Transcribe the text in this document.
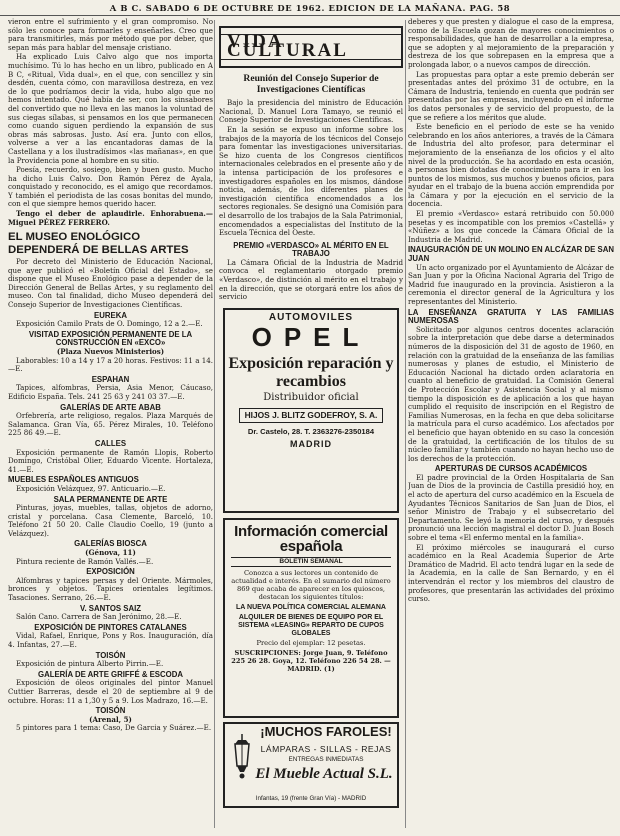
A B C. SABADO 6 DE OCTUBRE DE 1962. EDICION DE LA MAÑANA. PAG. 58

vieron entre el sufrimiento y el gran compromiso. No sólo les conoce para formarles y enseñarles. Creo que para transmitirles, más por método que por deber, que sepan más para hablar del mensaje cristiano.

Ha explicado Luis Calvo algo que nos importa muchísimo. Tú lo has hecho en un libro, publicado en A B C, «Ritual, Vida dual», en el que, con sencillez y sin desdén, cuenta cómo, con maravillosa destreza, en vez de lo que podríamos decir la vida, hubo algo que no hemos intentado. Qué había de ser, con los sinsabores del convertido que no lleva en las manos la voluntad de sus ciegas sílabas, si pensamos en los que permanecen como cuando siguen perdiendo la expansión de sus obras más sabrosas. Justo. Así era. Junto con ellos, volverse a ver a las encantadoras damas de la Castellana y a los ilustradísimos «las mañanas», en que la Providencia pone al hombre en su sitio.

Poesía, recuerdo, sosiego, bien y buen gusto. Mucho ha dicho Luis Calvo. Don Ramón Pérez de Ayala, conquistado y reconocido, es el amigo que recordamos. Y también el periodista de las cosas bonitas del mundo, con el que siempre hemos querido hacer.

Tengo el deber de aplaudirle. Enhorabuena.—Miguel PÉREZ FERRERO.

EL MUSEO ENOLÓGICO DEPENDERÁ DE BELLAS ARTES

Por decreto del Ministerio de Educación Nacional, que ayer publicó el «Boletín Oficial del Estado», se dispone que el Museo Enológico pase a depender de la Dirección General de Bellas Artes, y su reglamento del museo. Con tal finalidad, dicho Museo dependerá del Consejo Superior de Investigaciones Científicas.

EUREKA

Exposición Camilo Prats de O. Domingo, 12 a 2.—E.

VISITAD EXPOSICIÓN PERMANENTE DE LA CONSTRUCCIÓN EN «EXCO»
(Plaza Nuevos Ministerios)

Laborables: 10 a 14 y 17 a 20 horas. Festivos: 11 a 14.—E.

ESPAHAN

Tapices, alfombras, Persia, Asia Menor, Cáucaso, Edificio España. Tels. 241 25 63 y 241 03 37.—E.

GALERÍAS DE ARTE ABAB

Orfebrería, arte religioso, regalos. Plaza Marqués de Salamanca. Gran Vía, 65. Pérez Mirales, 10. Teléfono 225 86 49.—E.

CALLES

Exposición permanente de Ramón Llopis, Roberto Domingo, Cristóbal Olier, Eduardo Vicente. Hortaleza, 41.—E.

MUEBLES ESPAÑOLES ANTIGUOS

Exposición Velázquez, 97. Anticuario.—E.

SALA PERMANENTE DE ARTE

Pinturas, joyas, muebles, tallas, objetos de adorno, cristal y porcelana. Casa Clemente, Barceló, 10. Teléfono 21 50 20. Calle Claudio Coello, 19 (junto a Velázquez).

GALERÍAS BIOSCA
(Génova, 11)

Pintura reciente de Ramón Vallés.—E.

EXPOSICIÓN

Alfombras y tapices persas y del Oriente. Mármoles, bronces y objetos. Tapices orientales legítimos. Tasaciones. Serrano, 26.—E.

V. SANTOS SAIZ

Salón Cano. Carrera de San Jerónimo, 28.—E.

EXPOSICIÓN DE PINTORES CATALANES

Vidal, Rafael, Enrique, Pons y Ros. Inauguración, día 4. Infantas, 27.—E.

TOISÓN

Exposición de pintura Alberto Pirrin.—E.

GALERÍA DE ARTE GRIFFÉ & ESCODA

Exposición de óleos originales del pintor Manuel Cuttier Barreras, desde el 20 de septiembre al 9 de octubre. Horas: 11 a 1,30 y 5 a 9. Los Madrazo, 16.—E.

TOISÓN
(Arenal, 5)

5 pintores para 1 tema: Caso, De Garcia y Suárez.—E.

VIDA CULTURAL
Reunión del Consejo Superior de Investigaciones Científicas

Bajo la presidencia del ministro de Educación Nacional, D. Manuel Lora Tamayo, se reunió el Consejo Superior de Investigaciones Científicas.

En la sesión se expuso un informe sobre los trabajos de la mayoría de los técnicos del Consejo para fomentar las investigaciones universitarias. Se hizo cuenta de los Congresos científicos internacionales celebrados en el presente año y de la intensa participación de los profesores e investigadores españoles en los mismos, dándose noticia, además, de los diferentes planes de investigación científica encomendados a los sectores regionales. Se designó una Comisión para el desarrollo de los trabajos de la Sala Patrimonial, encomendados a especialistas del Instituto de la Escuela Técnica del Oeste.

PREMIO «VERDASCO» AL MÉRITO EN EL TRABAJO

La Cámara Oficial de la Industria de Madrid convoca el reglamentario otorgado premio «Verdasco», de distinción al mérito en el trabajo y en la dirección, que se otorgará entre los años de servicio

AUTOMOVILES
OPEL
Exposición reparación y recambios
Distribuidor oficial
HIJOS J. BLITZ GODEFROY, S. A.
Dr. Castelo, 28. T. 2363276-2350184
MADRID
Información comercial española
BOLETIN SEMANAL
Conozca a sus lectores un contenido de actualidad e interés. En el sumario del número 869 que acaba de aparecer en los quioscos, destacan los siguientes títulos:
LA NUEVA POLÍTICA COMERCIAL ALEMANA
ALQUILER DE BIENES DE EQUIPO POR EL SISTEMA «LEASING» REPARTO DE CUPOS GLOBALES
Precio del ejemplar: 12 pesetas.
SUSCRIPCIONES: Jorge Juan, 9. Teléfono 225 26 28. Goya, 12. Teléfono 226 54 28. — MADRID. (1)
¡MUCHOS FAROLES!
LÁMPARAS - SILLAS - REJAS
ENTREGAS INMEDIATAS
El Mueble Actual S.L.
Infantas, 19 (frente Gran Vía) - MADRID

deberes y que presten y dialogue el caso de la empresa, como de la Escuela gozan de mayores conocimientos o responsabilidades, que han de desarrollar a la empresa, que se adopten y al mejoramiento de la preparación y destreza de los que sobrepasen en la empresa que a prolongada labor, o a nuevos campos de dirección.

Las propuestas para optar a este premio deberán ser presentadas antes del próximo 31 de octubre, en la Cámara de Industria, teniendo en cuenta que podrán ser presentadas por las empresas, incluyendo en el informe los datos personales y de servicio del propuesto, de la que se refiere a los méritos que alude.

Este beneficio en el período de este se ha venido celebrando en los años anteriores, a través de la Cámara de Industria del alto profesor, para determinar el mejoramiento de la enseñanza de los oficios y el alto nivel de la producción. Se ha acordado en esta ocasión, a personas bien dotadas de conocimiento para ir en los puntos de los mismos, sus muchos y buenos oficios, para ayudar en el trabajo de la buena acción emprendida por la Cámara y por la ejecución en el servicio de la docencia.

El premio «Verdasco» estará retribuido con 50.000 pesetas y es incompatible con los premios «Castellá» y «Núñez» a los que concede la Cámara Oficial de la Industria de Madrid.

INAUGURACIÓN DE UN MOLINO EN ALCÁZAR DE SAN JUAN

Un acto organizado por el Ayuntamiento de Alcázar de San Juan y por la Oficina Nacional Agraria del Trigo de Madrid fue inaugurado en la provincia. Asistieron a la ceremonia el director general de la Agricultura y los representantes del Ministerio.

LA ENSEÑANZA GRATUITA Y LAS FAMILIAS NUMEROSAS

Solicitado por algunos centros docentes aclaración sobre la interpretación que debe darse a determinados números de la disposición del 31 de agosto de 1960, en relación con la gratuidad de la enseñanza de las familias numerosas y planes de estudio, el Ministerio de Educación Nacional ha dictado orden aclaratoria en cuanto al beneficio de gratuidad. La Comisión General de Protección Escolar y Asistencia Social y al mismo tiempo la disposición es de aplicación a los que hayan cumplido el requisito de inscripción en el Registro de Familias Numerosas, en la fecha en que deba solicitarse la matrícula para el curso académico. Los afectados por el beneficio que hayan obtenido en su caso la concesión de la gratuidad, la certificación de los títulos de su núcleo familiar y también cuando no hayan hecho uso de los derechos de la protección.

APERTURAS DE CURSOS ACADÉMICOS

El padre provincial de la Orden Hospitalaria de San Juan de Dios de la provincia de Castilla presidió hoy, en el acto de apertura del curso académico en la Escuela de Ayudantes Técnicos Sanitarios de San Juan de Dios, el señor Ministro de Trabajo y el subsecretario del Departamento. Se leyó la memoria del curso, y después pronunció una lección magistral el doctor D. Juan Bosch sobre el tema «El enfermo mental en la familia».

El próximo miércoles se inaugurará el curso académico en la Real Academia Superior de Arte Dramático de Madrid. El acto tendrá lugar en la sede de la Academia, en la calle de San Bernardo, y en él intervendrán el rector y los miembros del claustro de profesores, que presentarán las actividades del próximo curso.
